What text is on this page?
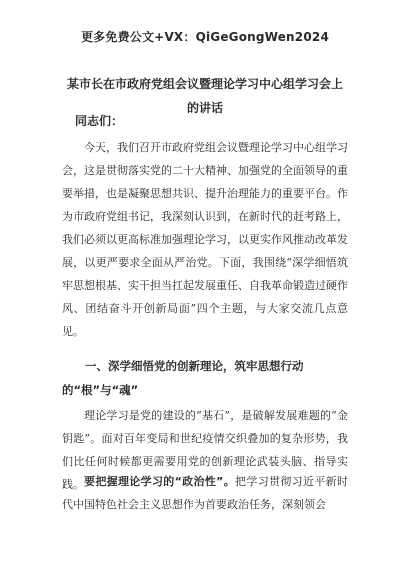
更多免费公文+VX：QiGeGongWen2024
某市长在市政府党组会议暨理论学习中心组学习会上的讲话
同志们：
今天，我们召开市政府党组会议暨理论学习中心组学习会，这是贯彻落实党的二十大精神、加强党的全面领导的重要举措，也是凝聚思想共识、提升治理能力的重要平台。作为市政府党组书记，我深刻认识到，在新时代的赶考路上，我们必须以更高标准加强理论学习，以更实作风推动改革发展，以更严要求全面从严治党。下面，我围绕“深学细悟筑牢思想根基、实干担当扛起发展重任、自我革命锻造过硬作风、团结奋斗开创新局面”四个主题，与大家交流几点意见。
一、深学细悟党的创新理论，筑牢思想行动的“根”与“魂”
理论学习是党的建设的“基石”，是破解发展难题的“金钥匙”。面对百年变局和世纪疫情交织叠加的复杂形势，我们比任何时候都更需要用党的创新理论武装头脑、指导实践。 要把握理论学习的“政治性”。把学习贯彻习近平新时代中国特色社会主义思想作为首要政治任务，深刻领会
